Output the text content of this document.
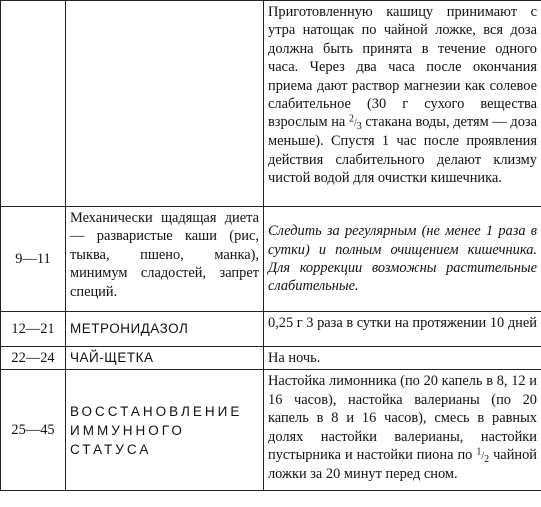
		Приготовленную кашицу принимают с утра натощак по чайной ложке, вся доза должна быть принята в течение одного часа. Через два часа после окончания приема дают раствор магнезии как солевое слабительное (30 г сухого вещества взрослым на $^2/_3$ стакана воды, детям — доза меньше). Спустя 1 час после проявления действия слабительного делают клизму чистой водой для очистки кишечника.
9—11	Механически щадящая диета — разваристые каши (рис, тыква, пшено, манка), минимум сладостей, запрет специй.	Следить за регулярным (не менее 1 раза в сутки) и полным очищением кишечника. Для коррекции возможны растительные слабительные.
12—21	МЕТРОНИДАЗОЛ	0,25 г 3 раза в сутки на протяжении 10 дней
22—24	ЧАЙ-ЩЕТКА	На ночь.
25—45	ВОССТАНОВЛЕНИЕ ИММУННОГО СТАТУСА	Настойка лимонника (по 20 капель в 8, 12 и 16 часов), настойка валерианы (по 20 капель в 8 и 16 часов), смесь в равных долях настойки валерианы, настойки пустырника и настойки пиона по $^1/_2$ чайной ложки за 20 минут перед сном.
